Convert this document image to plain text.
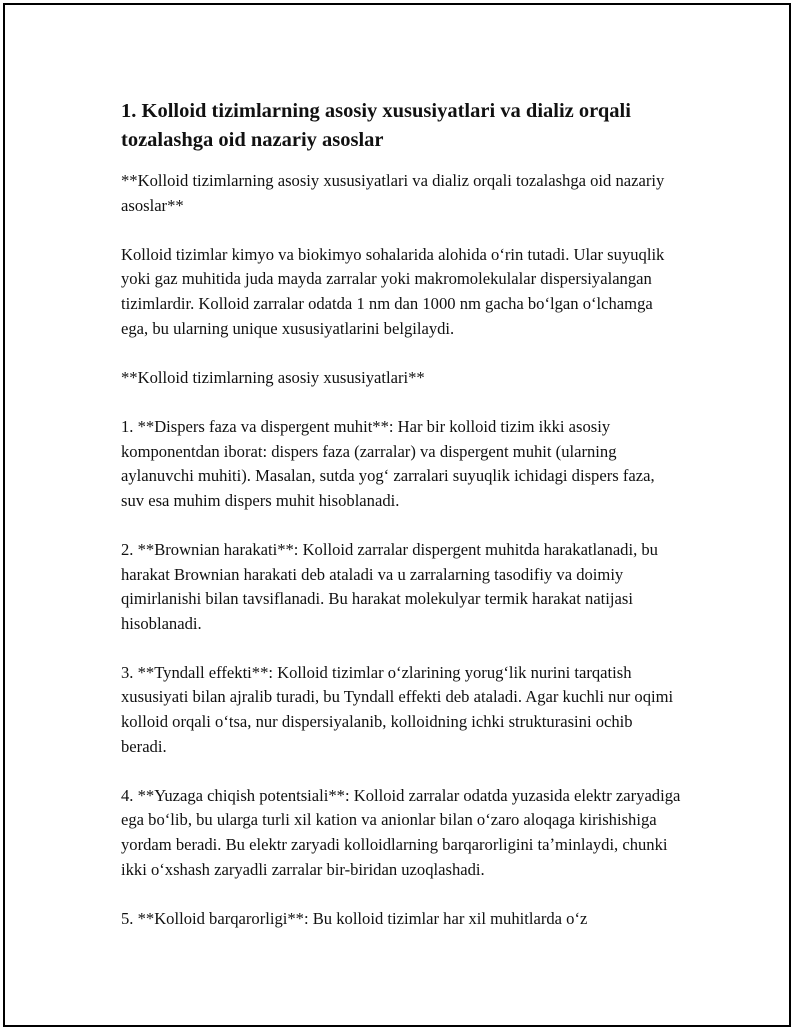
1. Kolloid tizimlarning asosiy xususiyatlari va dializ orqali tozalashga oid nazariy asoslar

**Kolloid tizimlarning asosiy xususiyatlari va dializ orqali tozalashga oid nazariy asoslar**

Kolloid tizimlar kimyo va biokimyo sohalarida alohida oʻrin tutadi. Ular suyuqlik yoki gaz muhitida juda mayda zarralar yoki makromolekulalar dispersiyalangan tizimlardir. Kolloid zarralar odatda 1 nm dan 1000 nm gacha boʻlgan oʻlchamga ega, bu ularning unique xususiyatlarini belgilaydi.

**Kolloid tizimlarning asosiy xususiyatlari**

1. **Dispers faza va dispergent muhit**: Har bir kolloid tizim ikki asosiy komponentdan iborat: dispers faza (zarralar) va dispergent muhit (ularning aylanuvchi muhiti). Masalan, sutda yogʻ zarralari suyuqlik ichidagi dispers faza, suv esa muhim dispers muhit hisoblanadi.

2. **Brownian harakati**: Kolloid zarralar dispergent muhitda harakatlanadi, bu harakat Brownian harakati deb ataladi va u zarralarning tasodifiy va doimiy qimirlanishi bilan tavsiflanadi. Bu harakat molekulyar termik harakat natijasi hisoblanadi.

3. **Tyndall effekti**: Kolloid tizimlar oʻzlarining yorugʻlik nurini tarqatish xususiyati bilan ajralib turadi, bu Tyndall effekti deb ataladi. Agar kuchli nur oqimi kolloid orqali oʻtsa, nur dispersiyalanib, kolloidning ichki strukturasini ochib beradi.

4. **Yuzaga chiqish potentsiali**: Kolloid zarralar odatda yuzasida elektr zaryadiga ega boʻlib, bu ularga turli xil kation va anionlar bilan oʻzaro aloqaga kirishishiga yordam beradi. Bu elektr zaryadi kolloidlarning barqarorligini taʼminlaydi, chunki ikki oʻxshash zaryadli zarralar bir-biridan uzoqlashadi.

5. **Kolloid barqarorligi**: Bu kolloid tizimlar har xil muhitlarda oʻz
